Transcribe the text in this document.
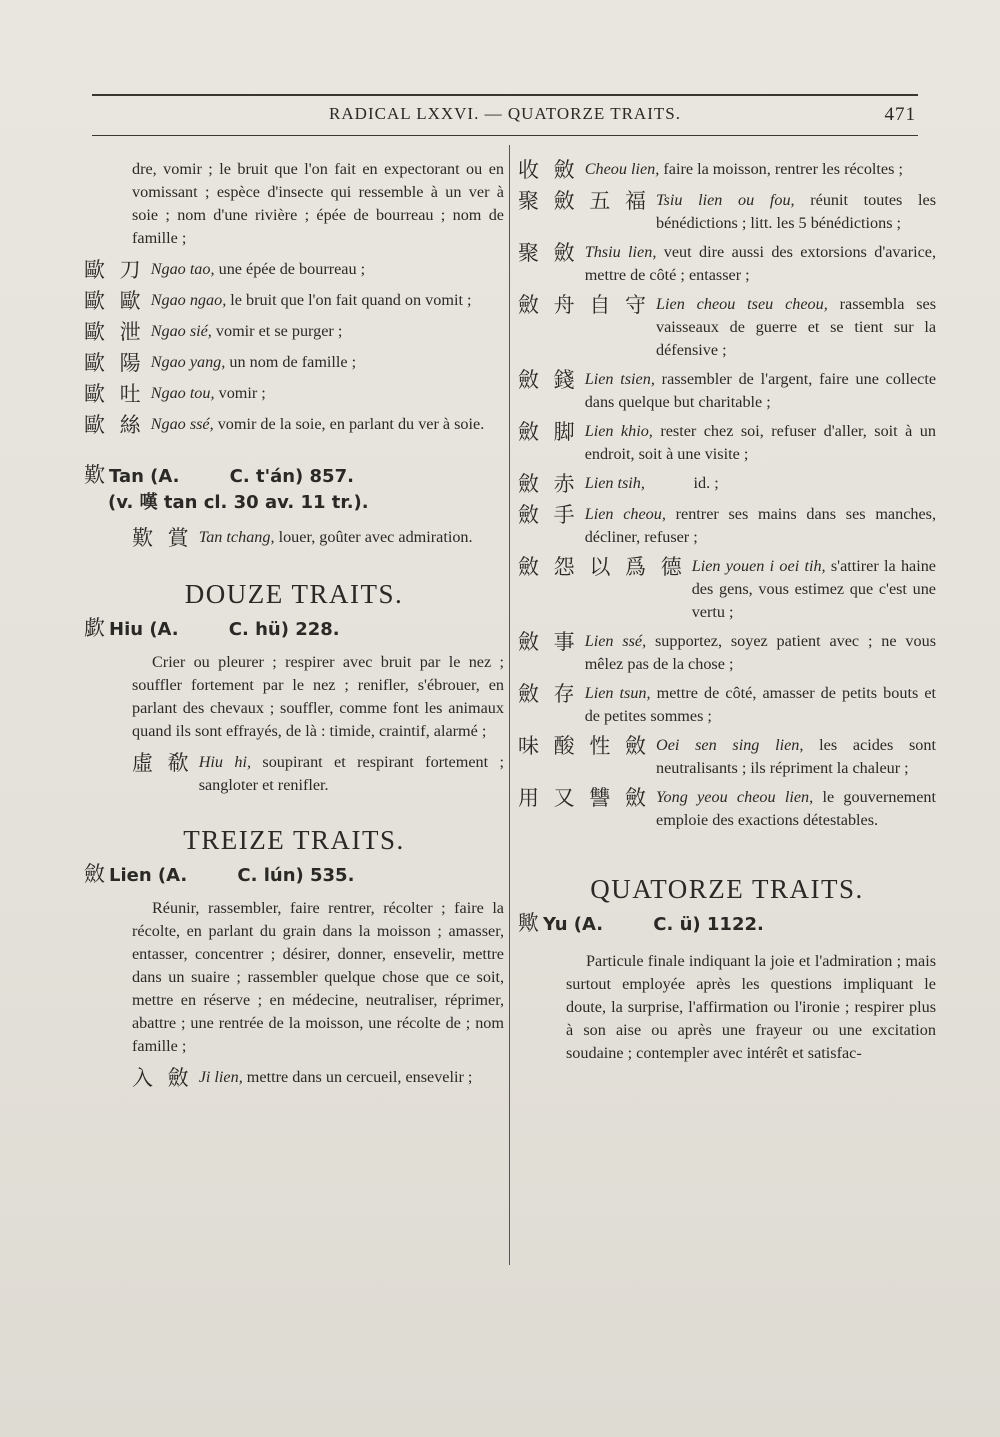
RADICAL LXXVI. — QUATORZE TRAITS.	471
dre, vomir ; le bruit que l'on fait en expectorant ou en vomissant ; espèce d'insecte qui ressemble à un ver à soie ; nom d'une rivière ; épée de bourreau ; nom de famille ;
歐 刀 Ngao tao, une épée de bourreau ;
歐 歐 Ngao ngao, le bruit que l'on fait quand on vomit ;
歐 泄 Ngao sié, vomir et se purger ;
歐 陽 Ngao yang, un nom de famille ;
歐 吐 Ngao tou, vomir ;
歐 絲 Ngao ssé, vomir de la soie, en parlant du ver à soie.
歎 Tan (A.        C. t'án) 857.
(v. 嘆 tan cl. 30 av. 11 tr.).
歎 賞 Tan tchang, louer, goûter avec admiration.
DOUZE TRAITS.
歔 Hiu (A.        C. hü) 228.
Crier ou pleurer ; respirer avec bruit par le nez ; souffler fortement par le nez ; renifler, s'ébrouer, en parlant des chevaux ; souffler, comme font les animaux quand ils sont effrayés, de là : timide, craintif, alarmé ;
虛 欷 Hiu hi, soupirant et respirant fortement ; sangloter et renifler.
TREIZE TRAITS.
斂 Lien (A.        C. lún) 535.
Réunir, rassembler, faire rentrer, récolter ; faire la récolte, en parlant du grain dans la moisson ; amasser, entasser, concentrer ; désirer, donner, ensevelir, mettre dans un suaire ; rassembler quelque chose que ce soit, mettre en réserve ; en médecine, neutraliser, réprimer, abattre ; une rentrée de la moisson, une récolte de ; nom famille ;
入 斂 Ji lien, mettre dans un cercueil, ensevelir ;
收 斂 Cheou lien, faire la moisson, rentrer les récoltes ;
聚 斂 五 福 Tsiu lien ou fou, réunit toutes les bénédictions ; litt. les 5 bénédictions ;
聚 斂 Thsiu lien, veut dire aussi des extorsions d'avarice, mettre de côté ; entasser ;
斂 舟 自 守 Lien cheou tseu cheou, rassembla ses vaisseaux de guerre et se tient sur la défensive ;
斂 錢 Lien tsien, rassembler de l'argent, faire une collecte dans quelque but charitable ;
斂 脚 Lien khio, rester chez soi, refuser d'aller, soit à un endroit, soit à une visite ;
斂 赤 Lien tsih,            id. ;
斂 手 Lien cheou, rentrer ses mains dans ses manches, décliner, refuser ;
斂 怨 以 爲 德 Lien youen i oei tih, s'attirer la haine des gens, vous estimez que c'est une vertu ;
斂 事 Lien ssé, supportez, soyez patient avec ; ne vous mêlez pas de la chose ;
斂 存 Lien tsun, mettre de côté, amasser de petits bouts et de petites sommes ;
味 酸 性 斂 Oei sen sing lien, les acides sont neutralisants ; ils répriment la chaleur ;
用 又 讐 斂 Yong yeou cheou lien, le gouvernement emploie des exactions détestables.
QUATORZE TRAITS.
歟 Yu (A.        C. ü) 1122.
Particule finale indiquant la joie et l'admiration ; mais surtout employée après les questions impliquant le doute, la surprise, l'affirmation ou l'ironie ; respirer plus à son aise ou après une frayeur ou une excitation soudaine ; contempler avec intérêt et satisfac-
